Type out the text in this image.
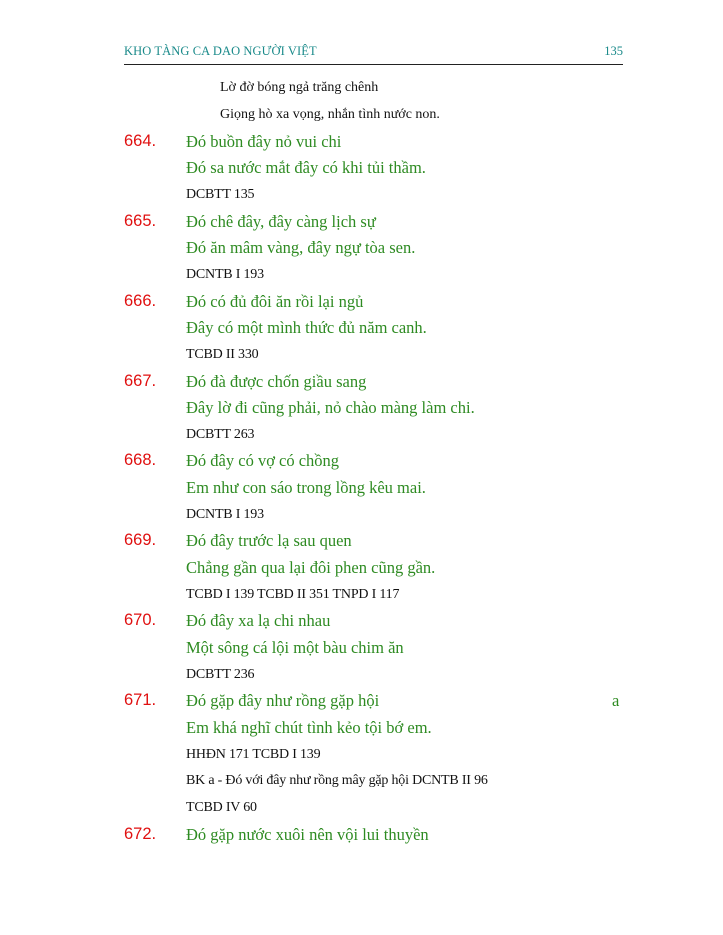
KHO TÀNG CA DAO NGƯỜI VIỆT	135
Lờ đờ bóng ngả trăng chênh
Giọng hò xa vọng, nhắn tình nước non.
664. Đó buồn đây nỏ vui chi
Đó sa nước mắt đây có khi tủi thầm.
DCBTT 135
665. Đó chê đây, đây càng lịch sự
Đó ăn mâm vàng, đây ngự tòa sen.
DCNTB I 193
666. Đó có đủ đôi ăn rồi lại ngủ
Đây có một mình thức đủ năm canh.
TCBD II 330
667. Đó đà được chốn giầu sang
Đây lờ đi cũng phải, nỏ chào màng làm chi.
DCBTT 263
668. Đó đây có vợ có chồng
Em như con sáo trong lồng kêu mai.
DCNTB I 193
669. Đó đây trước lạ sau quen
Chẳng gần qua lại đôi phen cũng gần.
TCBD I 139 TCBD II 351 TNPD I 117
670. Đó đây xa lạ chi nhau
Một sông cá lội một bàu chim ăn
DCBTT 236
671. Đó gặp đây như rồng gặp hội	a
Em khá nghĩ chút tình kẻo tội bớ em.
HHĐN 171 TCBD I 139
BK a - Đó với đây như rồng mây gặp hội DCNTB II 96
TCBD IV 60
672. Đó gặp nước xuôi nên vội lui thuyền
